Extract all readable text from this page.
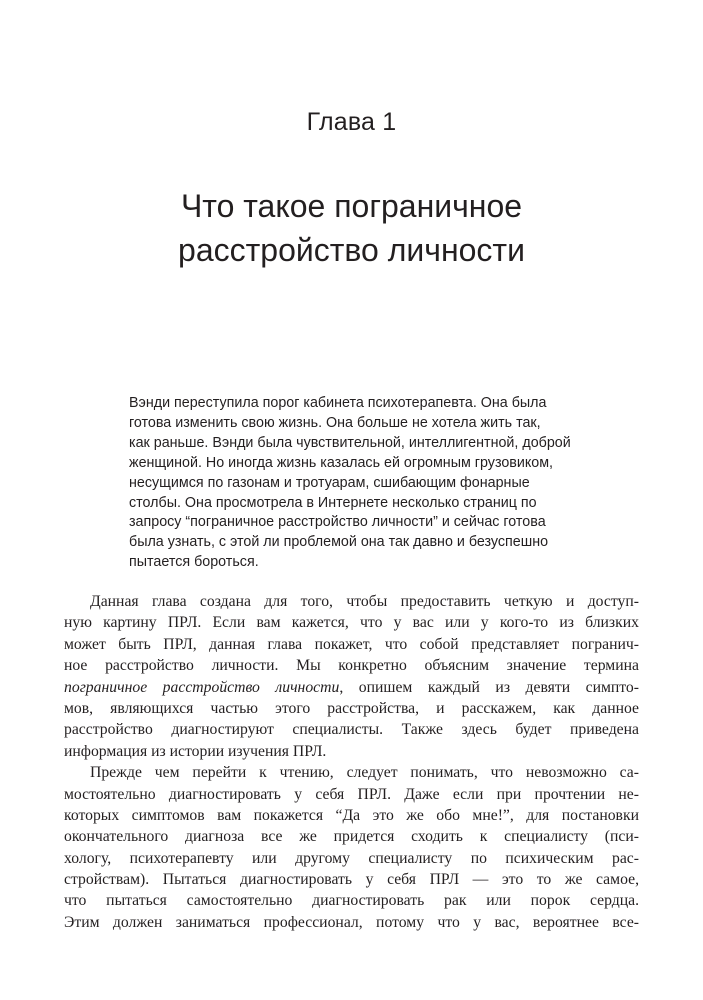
Глава 1
Что такое пограничное
расстройство личности
Вэнди переступила порог кабинета психотерапевта. Она была
готова изменить свою жизнь. Она больше не хотела жить так,
как раньше. Вэнди была чувствительной, интеллигентной, доброй
женщиной. Но иногда жизнь казалась ей огромным грузовиком,
несущимся по газонам и тротуарам, сшибающим фонарные
столбы. Она просмотрела в Интернете несколько страниц по
запросу “пограничное расстройство личности” и сейчас готова
была узнать, с этой ли проблемой она так давно и безуспешно
пытается бороться.
Данная глава создана для того, чтобы предоставить четкую и доступ-
ную картину ПРЛ. Если вам кажется, что у вас или у кого-то из близких
может быть ПРЛ, данная глава покажет, что собой представляет погранич-
ное расстройство личности. Мы конкретно объясним значение термина
пограничное расстройство личности, опишем каждый из девяти симпто-
мов, являющихся частью этого расстройства, и расскажем, как данное
расстройство диагностируют специалисты. Также здесь будет приведена
информация из истории изучения ПРЛ.
Прежде чем перейти к чтению, следует понимать, что невозможно са-
мостоятельно диагностировать у себя ПРЛ. Даже если при прочтении не-
которых симптомов вам покажется “Да это же обо мне!”, для постановки
окончательного диагноза все же придется сходить к специалисту (пси-
хологу, психотерапевту или другому специалисту по психическим рас-
стройствам). Пытаться диагностировать у себя ПРЛ — это то же самое,
что пытаться самостоятельно диагностировать рак или порок сердца.
Этим должен заниматься профессионал, потому что у вас, вероятнее все-
